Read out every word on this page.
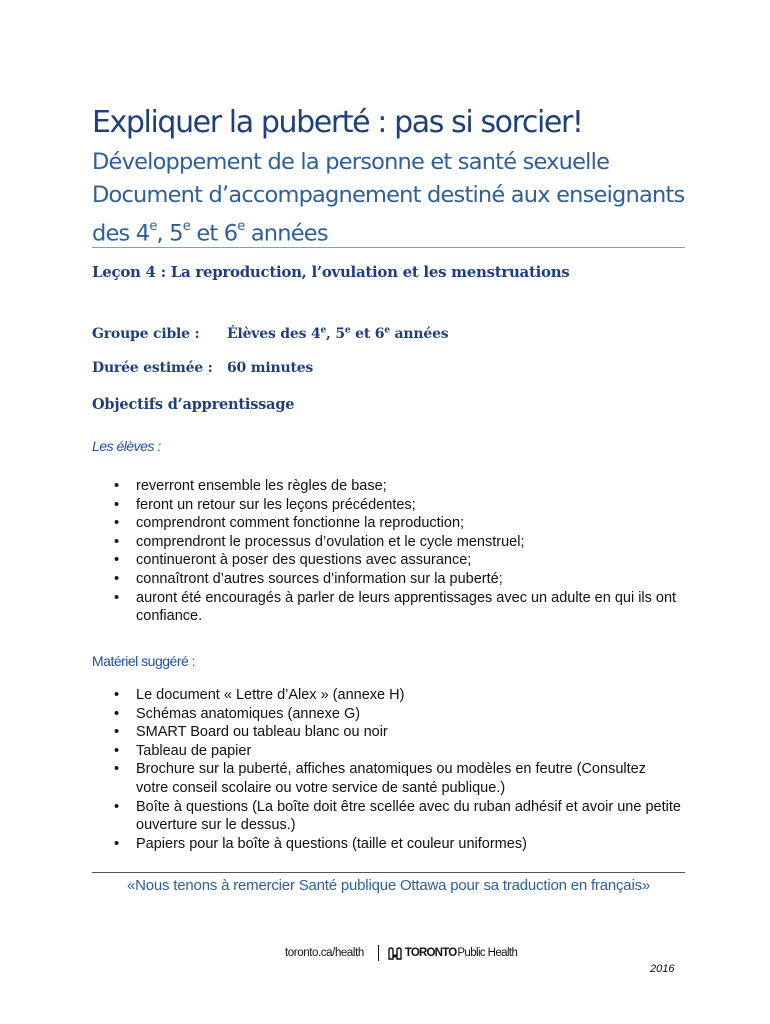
Expliquer la puberté : pas si sorcier!
Développement de la personne et santé sexuelle
Document d’accompagnement destiné aux enseignants
des 4e, 5e et 6e années
Leçon 4 : La reproduction, l’ovulation et les menstruations
Groupe cible : Élèves des 4e, 5e et 6e années
Durée estimée : 60 minutes
Objectifs d’apprentissage
Les élèves :
• reverront ensemble les règles de base;
• feront un retour sur les leçons précédentes;
• comprendront comment fonctionne la reproduction;
• comprendront le processus d’ovulation et le cycle menstruel;
• continueront à poser des questions avec assurance;
• connaîtront d’autres sources d’information sur la puberté;
• auront été encouragés à parler de leurs apprentissages avec un adulte en qui ils ont confiance.
Matériel suggéré :
• Le document « Lettre d’Alex » (annexe H)
• Schémas anatomiques (annexe G)
• SMART Board ou tableau blanc ou noir
• Tableau de papier
• Brochure sur la puberté, affiches anatomiques ou modèles en feutre (Consultez votre conseil scolaire ou votre service de santé publique.)
• Boîte à questions (La boîte doit être scellée avec du ruban adhésif et avoir une petite ouverture sur le dessus.)
• Papiers pour la boîte à questions (taille et couleur uniformes)
«Nous tenons à remercier Santé publique Ottawa pour sa traduction en français»
toronto.ca/health	TORONTO Public Health
2016
